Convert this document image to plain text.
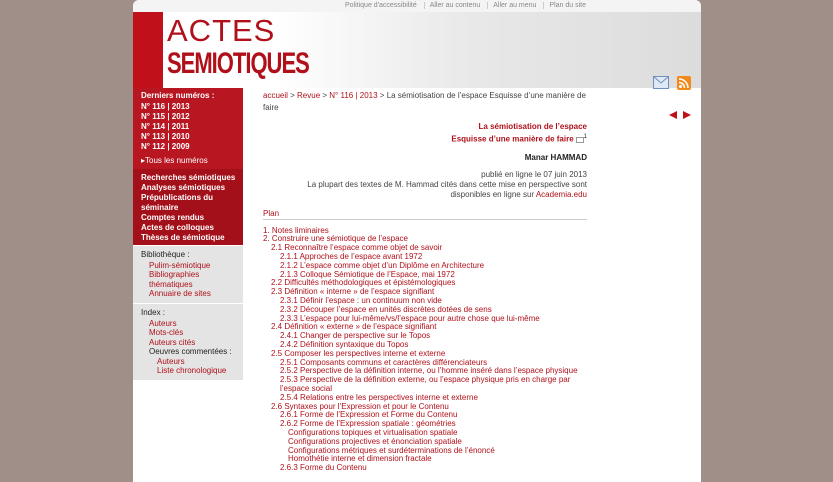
Politique d'accessibilité Aller au contenu Aller au menu Plan du site
ACTES
SEMIOTIQUES

Derniers numéros :
N° 116 | 2013
N° 115 | 2012
N° 114 | 2011
N° 113 | 2010
N° 112 | 2009
▸Tous les numéros
Recherches sémiotiques
Analyses sémiotiques
Prépublications du séminaire
Comptes rendus
Actes de colloques
Thèses de sémiotique
Bibliothèque :
Pulim-sémiotique
Bibliographies thématiques
Annuaire de sites
Index :
Auteurs
Mots-clés
Auteurs cités
Oeuvres commentées :
Auteurs
Liste chronologique
accueil > Revue > N° 116 | 2013 > La sémiotisation de l’espace Esquisse d’une manière de faire
La sémiotisation de l’espace
Esquisse d’une manière de faire $^1$
Manar HAMMAD
publié en ligne le 07 juin 2013
La plupart des textes de M. Hammad cités dans cette mise en perspective sont
disponibles en ligne sur Academia.edu
Plan
1. Notes liminaires
2. Construire une sémiotique de l’espace
2.1 Reconnaître l’espace comme objet de savoir
2.1.1 Approches de l’espace avant 1972
2.1.2 L’espace comme objet d’un Diplôme en Architecture
2.1.3 Colloque Sémiotique de l’Espace, mai 1972
2.2 Difficultés méthodologiques et épistémologiques
2.3 Définition « interne » de l’espace signifiant
2.3.1 Définir l’espace : un continuum non vide
2.3.2 Découper l’espace en unités discrètes dotées de sens
2.3.3 L’espace pour lui-même/vs/l’espace pour autre chose que lui-même
2.4 Définition « externe » de l’espace signifiant
2.4.1 Changer de perspective sur le Topos
2.4.2 Définition syntaxique du Topos
2.5 Composer les perspectives interne et externe
2.5.1 Composants communs et caractères différenciateurs
2.5.2 Perspective de la définition interne, ou l’homme inséré dans l’espace physique
2.5.3 Perspective de la définition externe, ou l’espace physique pris en charge par l’espace social
2.5.4 Relations entre les perspectives interne et externe
2.6 Syntaxes pour l’Expression et pour le Contenu
2.6.1 Forme de l’Expression et Forme du Contenu
2.6.2 Forme de l’Expression spatiale : géométries
Configurations topiques et virtualisation spatiale
Configurations projectives et énonciation spatiale
Configurations métriques et surdéterminations de l’énoncé
Homothétie interne et dimension fractale
2.6.3 Forme du Contenu
